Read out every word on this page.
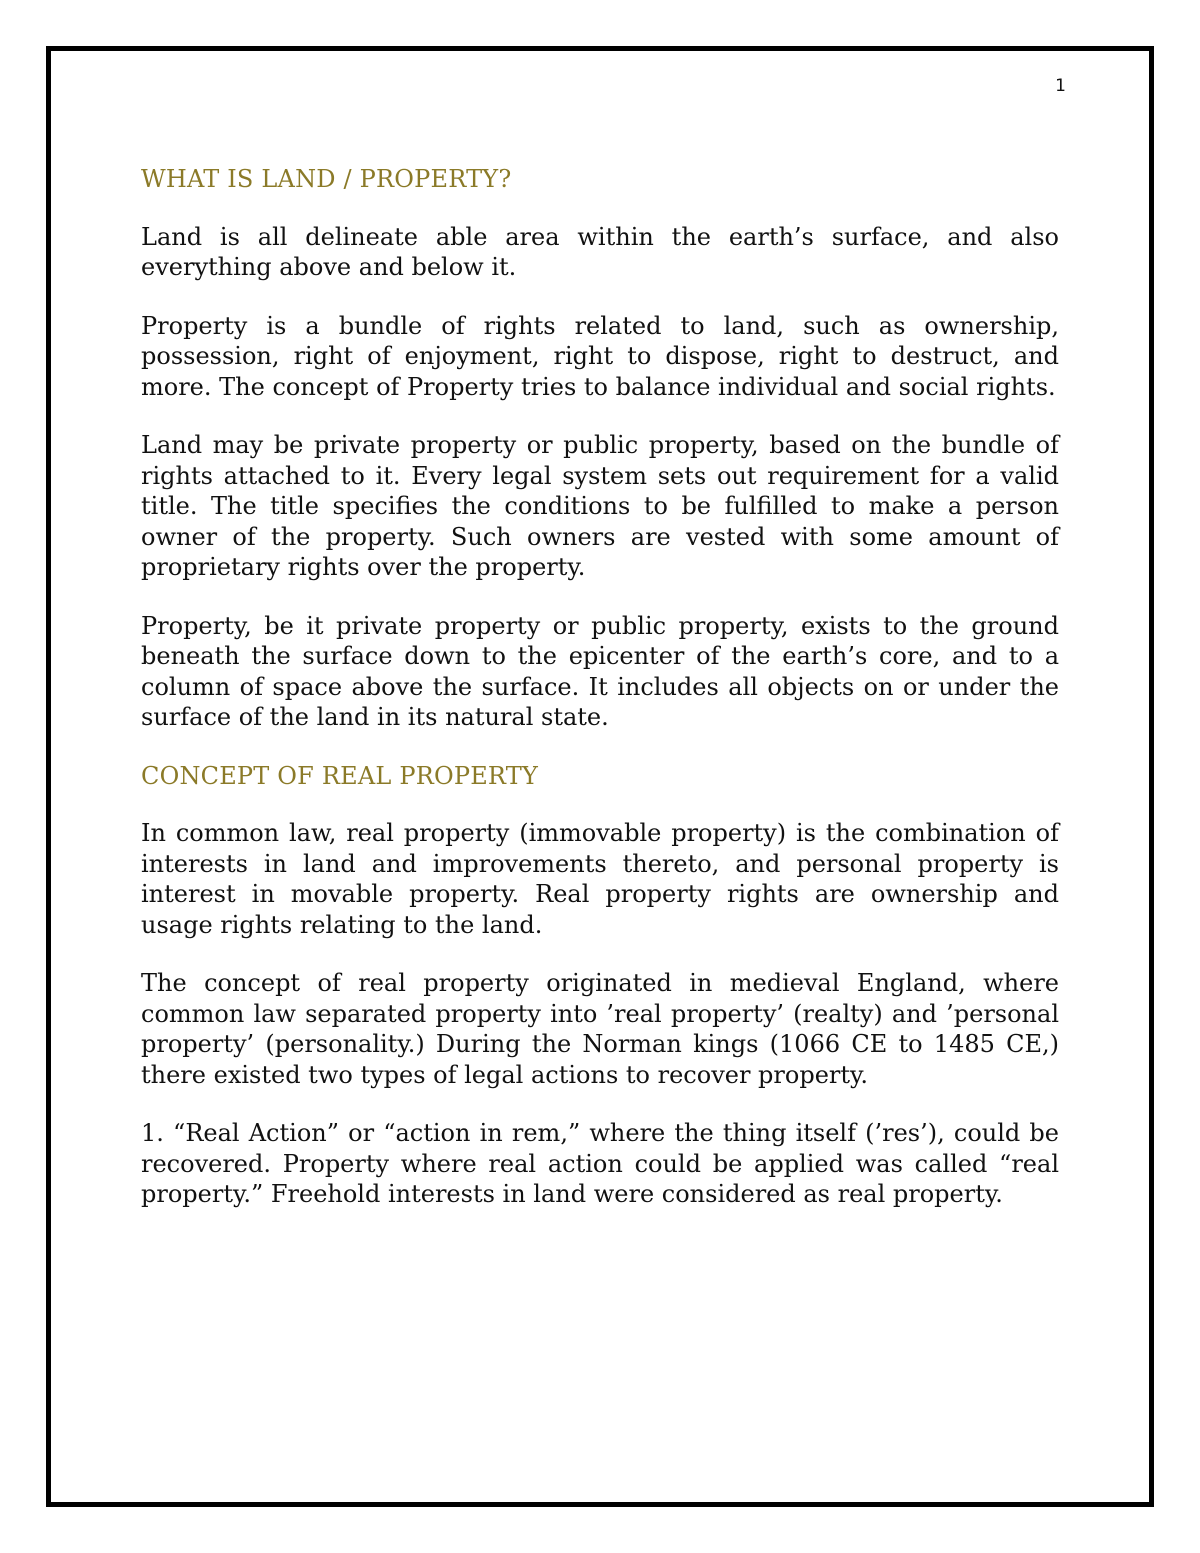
1
WHAT IS LAND / PROPERTY?

Land is all delineate able area within the earth’s surface, and also everything above and below it.

Property is a bundle of rights related to land, such as ownership, possession, right of enjoyment, right to dispose, right to destruct, and more. The concept of Property tries to balance individual and social rights.

Land may be private property or public property, based on the bundle of rights attached to it. Every legal system sets out requirement for a valid title. The title specifies the conditions to be fulfilled to make a person owner of the property. Such owners are vested with some amount of proprietary rights over the property.

Property, be it private property or public property, exists to the ground beneath the surface down to the epicenter of the earth’s core, and to a column of space above the surface. It includes all objects on or under the surface of the land in its natural state.

CONCEPT OF REAL PROPERTY

In common law, real property (immovable property) is the combination of interests in land and improvements thereto, and personal property is interest in movable property. Real property rights are ownership and usage rights relating to the land.

The concept of real property originated in medieval England, where common law separated property into ’real property’ (realty) and ’personal property’ (personality.) During the Norman kings (1066 CE to 1485 CE,) there existed two types of legal actions to recover property.

1. “Real Action” or “action in rem,” where the thing itself (’res’), could be recovered. Property where real action could be applied was called “real property.” Freehold interests in land were considered as real property.
